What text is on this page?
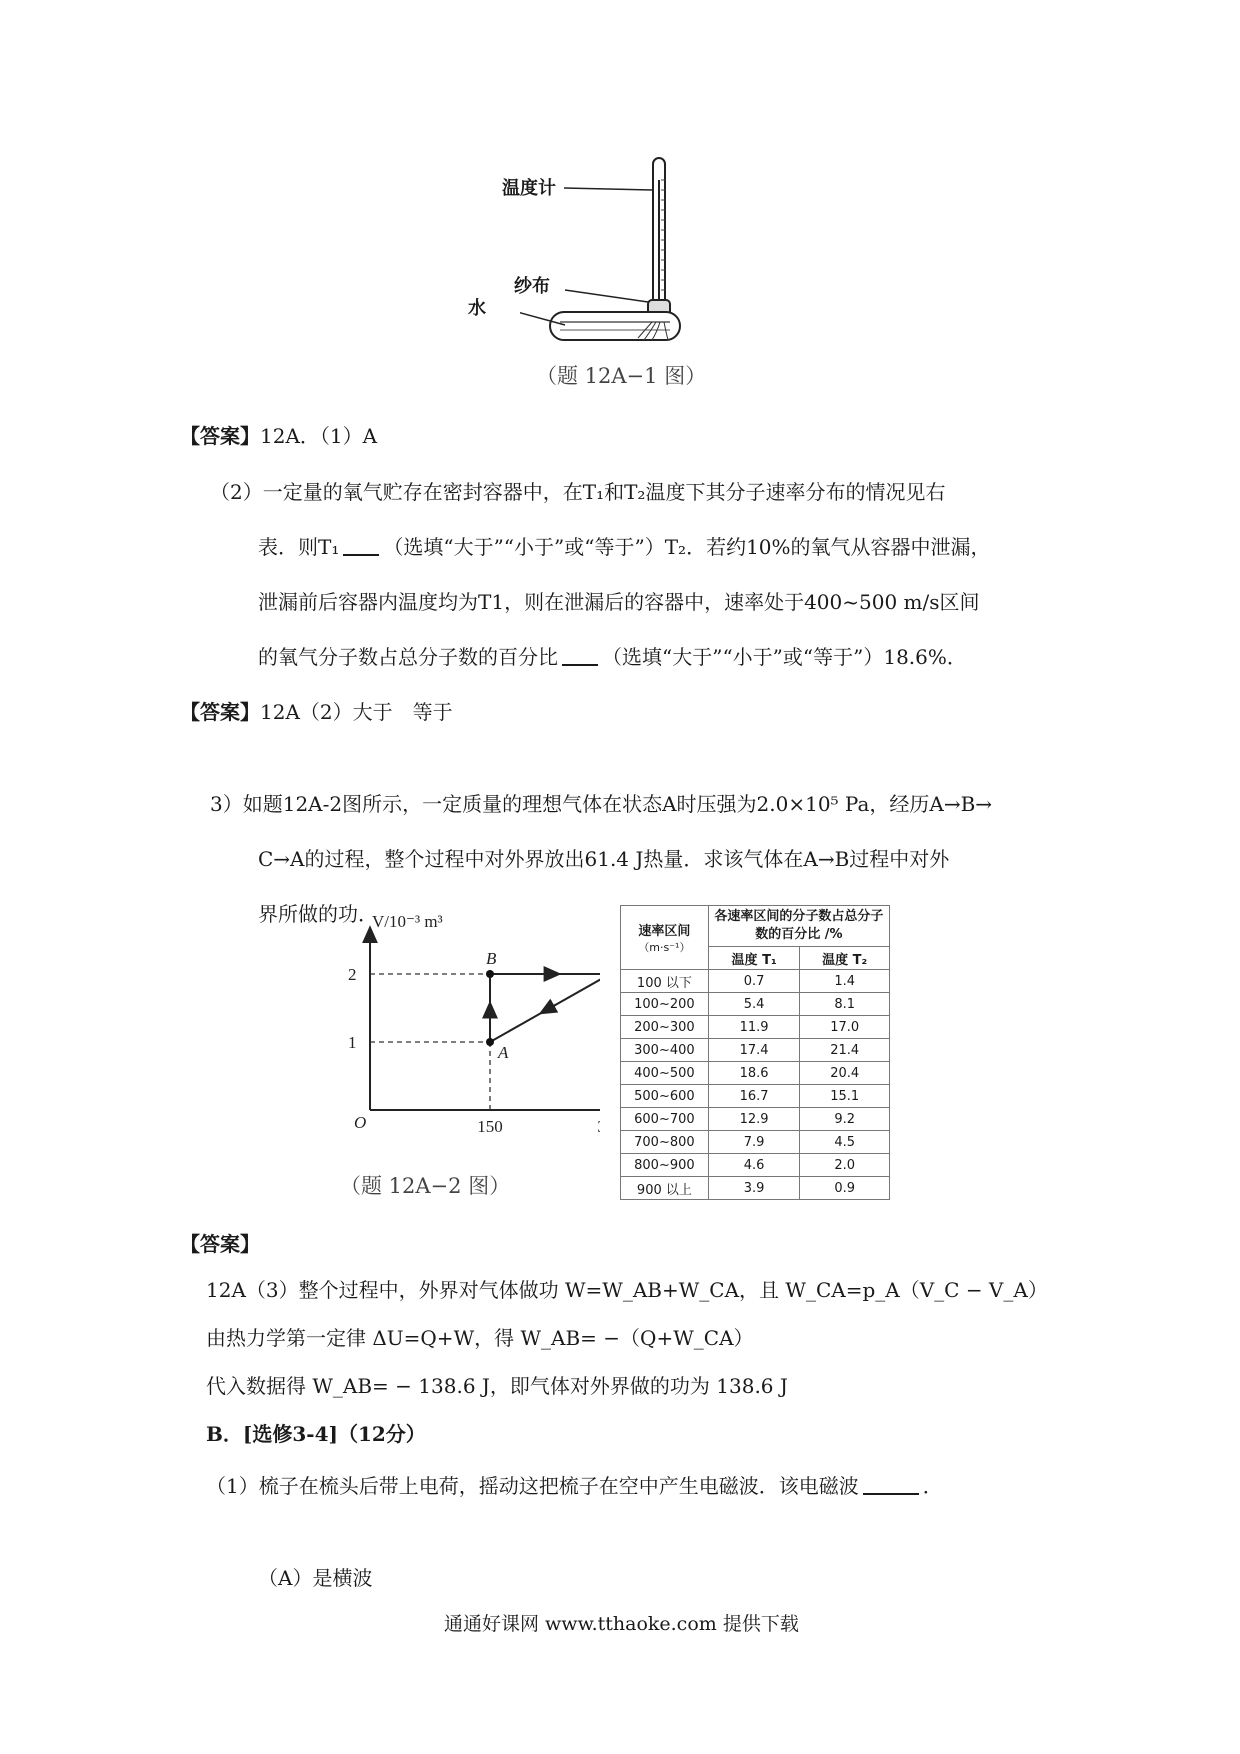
温度计
纱布
水
（题 12A−1 图）
【答案】12A．（1）A
（2）一定量的氧气贮存在密封容器中，在T₁和T₂温度下其分子速率分布的情况见右
表．则T₁ （选填“大于”“小于”或“等于”）T₂．若约10%的氧气从容器中泄漏，
泄漏前后容器内温度均为T1，则在泄漏后的容器中，速率处于400~500 m/s区间
的氧气分子数占总分子数的百分比 （选填“大于”“小于”或“等于”）18.6%．
【答案】12A（2）大于　等于
3）如题12A-2图所示，一定质量的理想气体在状态A时压强为2.0×10⁵ Pa，经历A→B→
C→A的过程，整个过程中对外界放出61.4 J热量．求该气体在A→B过程中对外
界所做的功．
V/10⁻³ m³
O	150
1
2
A
B
（题 12A−2 图）
速率区间
（m·s⁻¹）	各速率区间的分子数占总分子数的百分比 /%	
	温度 T₁	温度 T₂
100 以下	0.7	1.4
100~200	5.4	8.1
200~300	11.9	17.0
300~400	17.4	21.4
400~500	18.6	20.4
500~600	16.7	15.1
600~700	12.9	9.2
700~800	7.9	4.5
800~900	4.6	2.0
900 以上	3.9	0.9
【答案】
12A（3）整个过程中，外界对气体做功 W=W_AB+W_CA，且 W_CA=p_A（V_C − V_A）
由热力学第一定律 ΔU=Q+W，得 W_AB= −（Q+W_CA）
代入数据得 W_AB= − 138.6 J，即气体对外界做的功为 138.6 J
B．[选修3-4]（12分）
（1）梳子在梳头后带上电荷，摇动这把梳子在空中产生电磁波．该电磁波	．
（A）是横波
通通好课网 www.tthaoke.com 提供下载
